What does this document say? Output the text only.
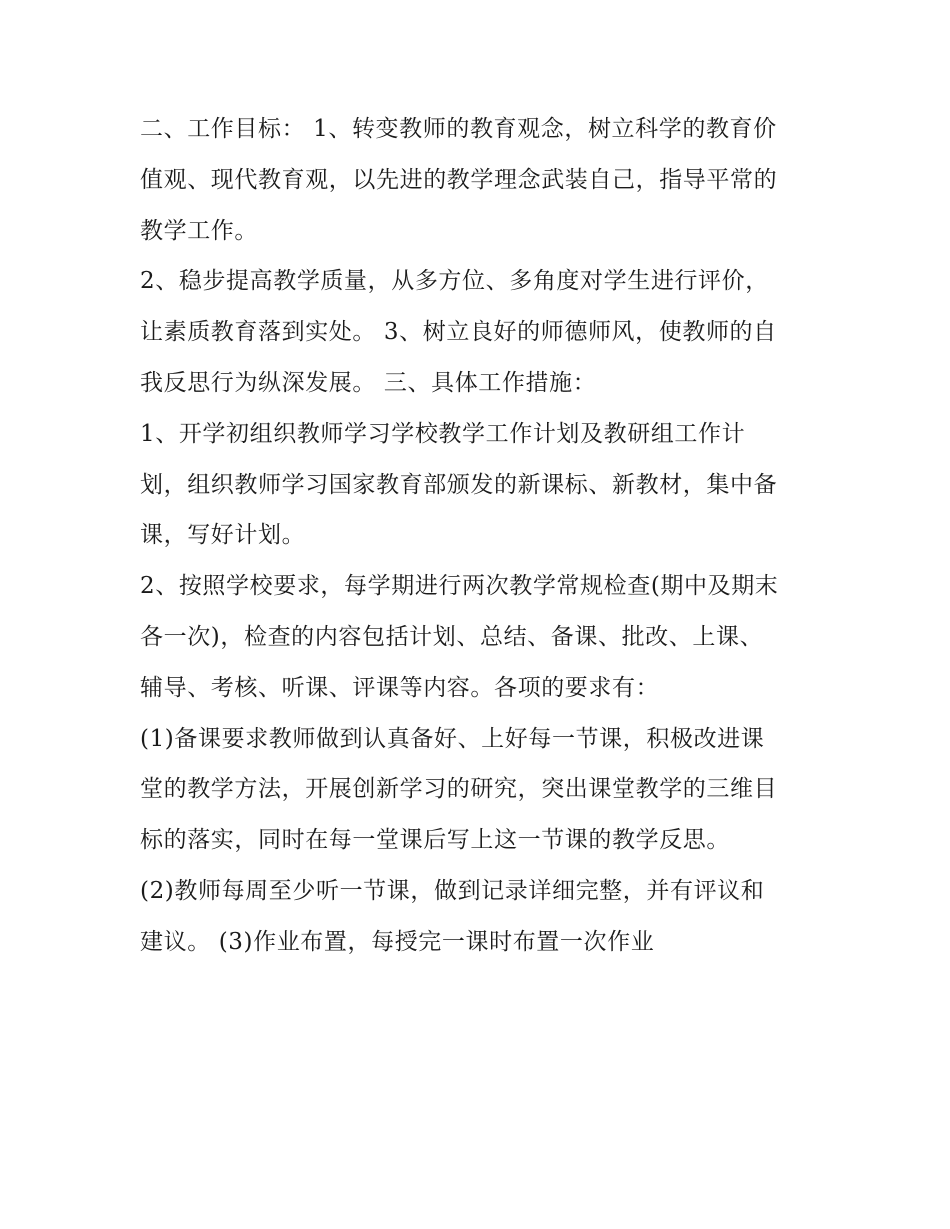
二、工作目标： 1、转变教师的教育观念，树立科学的教育价
值观、现代教育观，以先进的教学理念武装自己，指导平常的
教学工作。
2、稳步提高教学质量，从多方位、多角度对学生进行评价，
让素质教育落到实处。 3、树立良好的师德师风，使教师的自
我反思行为纵深发展。 三、具体工作措施：
1、开学初组织教师学习学校教学工作计划及教研组工作计
划，组织教师学习国家教育部颁发的新课标、新教材，集中备
课，写好计划。
2、按照学校要求，每学期进行两次教学常规检查(期中及期末
各一次)，检查的内容包括计划、总结、备课、批改、上课、
辅导、考核、听课、评课等内容。各项的要求有：
(1)备课要求教师做到认真备好、上好每一节课，积极改进课
堂的教学方法，开展创新学习的研究，突出课堂教学的三维目
标的落实，同时在每一堂课后写上这一节课的教学反思。
(2)教师每周至少听一节课，做到记录详细完整，并有评议和
建议。 (3)作业布置，每授完一课时布置一次作业
